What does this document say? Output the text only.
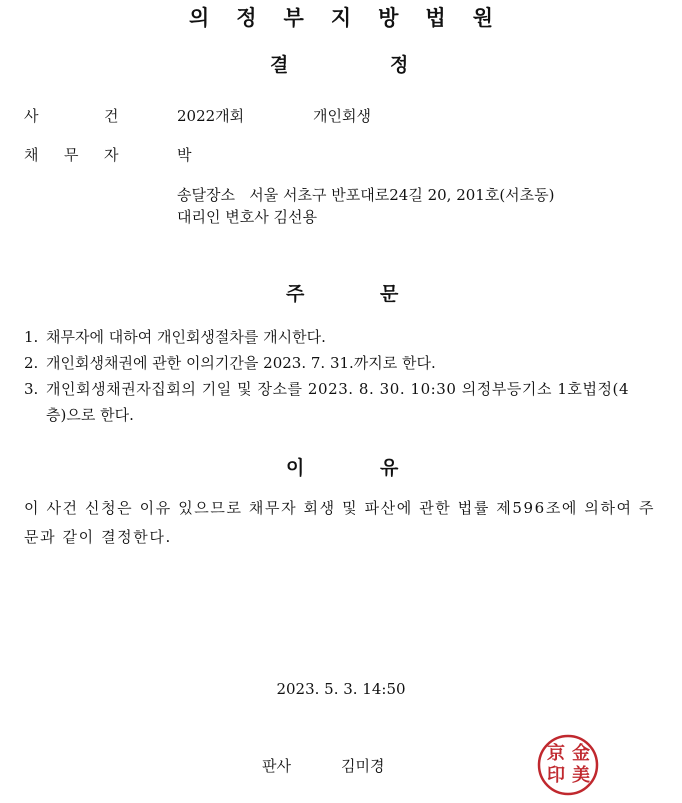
의정부지방법원
결	정
사	건	2022개회	개인회생
채 무 자	박
송달장소 서울 서초구 반포대로24길 20, 201호(서초동)
대리인 변호사 김선용
주	문
1. 채무자에 대하여 개인회생절차를 개시한다.
2. 개인회생채권에 관한 이의기간을 2023. 7. 31.까지로 한다.
3. 개인회생채권자집회의 기일 및 장소를 2023. 8. 30. 10:30 의정부등기소 1호법정(4
층)으로 한다.
이	유
이 사건 신청은 이유 있으므로 채무자 회생 및 파산에 관한 법률 제596조에 의하여 주문과 같이 결정한다.
2023. 5. 3. 14:50
판사	김미경
金
美
京
印
